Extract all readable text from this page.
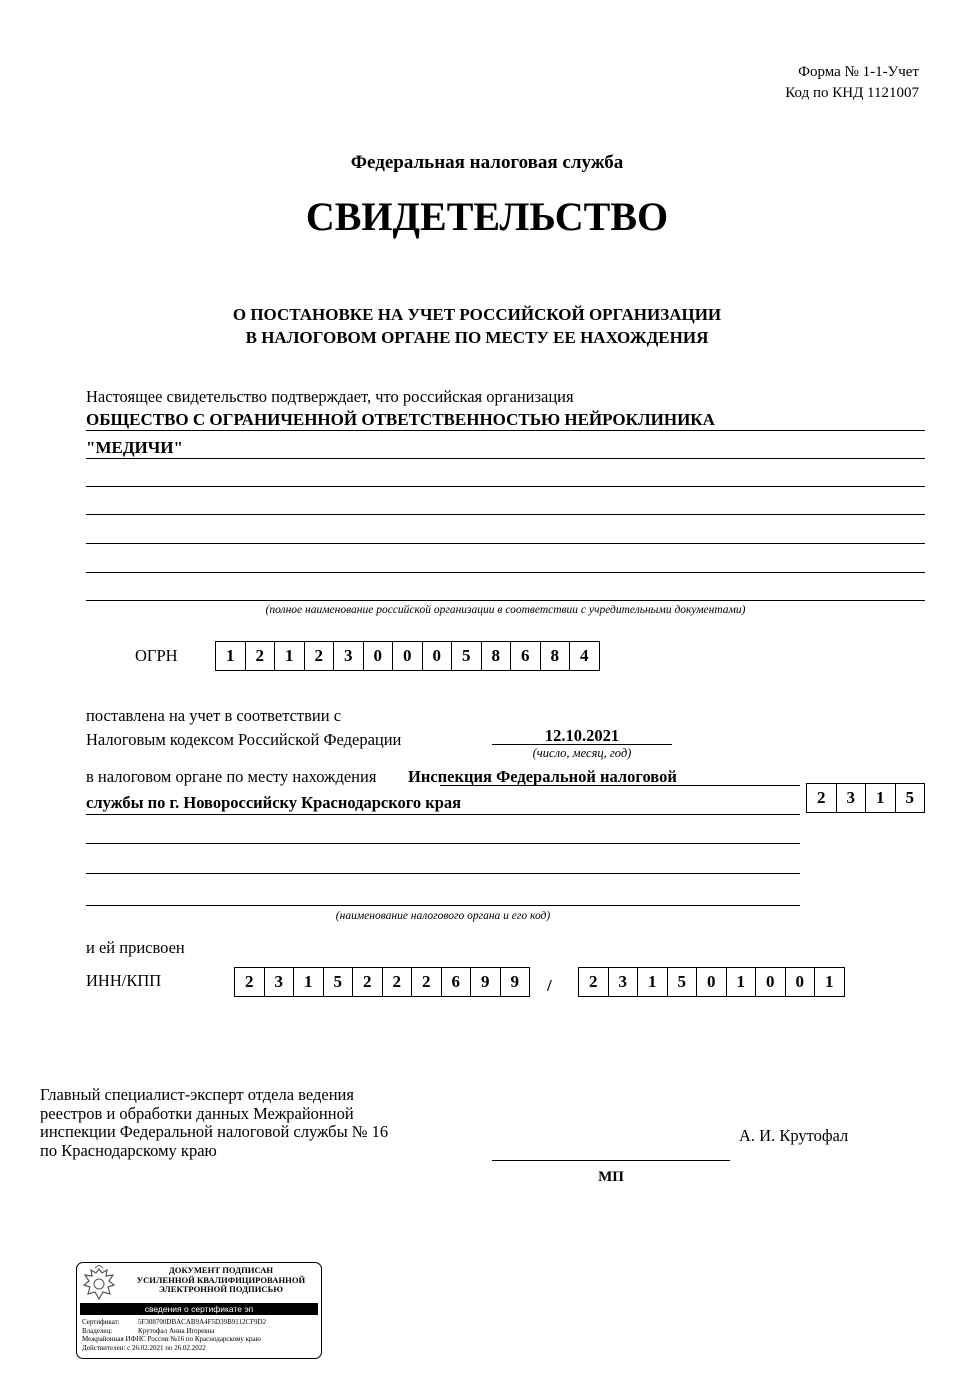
Форма № 1-1-Учет
Код по КНД 1121007
Федеральная налоговая служба
СВИДЕТЕЛЬСТВО
О ПОСТАНОВКЕ НА УЧЕТ РОССИЙСКОЙ ОРГАНИЗАЦИИ
В НАЛОГОВОМ ОРГАНЕ ПО МЕСТУ ЕЕ НАХОЖДЕНИЯ
Настоящее свидетельство подтверждает, что российская организация
ОБЩЕСТВО С ОГРАНИЧЕННОЙ ОТВЕТСТВЕННОСТЬЮ НЕЙРОКЛИНИКА
"МЕДИЧИ"
(полное наименование российской организации в соответствии с учредительными документами)
ОГРН	1	2	1	2	3	0	0	0	5	8	6	8	4
поставлена на учет в соответствии с
Налоговым кодексом Российской Федерации	12.10.2021
(число, месяц, год)
в налоговом органе по месту нахождения Инспекция Федеральной налоговой
службы по г. Новороссийску Краснодарского края
(наименование налогового органа и его код)
2	3	1	5
и ей присвоен
ИНН/КПП	2	3	1	5	2	2	2	6	9	9	/	2	3	1	5	0	1	0	0	1
Главный специалист-эксперт отдела ведения
реестров и обработки данных Межрайонной
инспекции Федеральной налоговой службы № 16
по Краснодарскому краю
А. И. Крутофал
МП
ДОКУМЕНТ ПОДПИСАН
УСИЛЕННОЙ КВАЛИФИЦИРОВАННОЙ
ЭЛЕКТРОННОЙ ПОДПИСЬЮ
сведения о сертификате эп
Сертификат:	5F308700DBACAB9A4F5D39B9112CF9D2
Владелец:	Крутофал Анна Игоревна
Межрайонная ИФНС России №16 по Краснодарскому краю
Действителен: с 26.02.2021 по 26.02.2022
